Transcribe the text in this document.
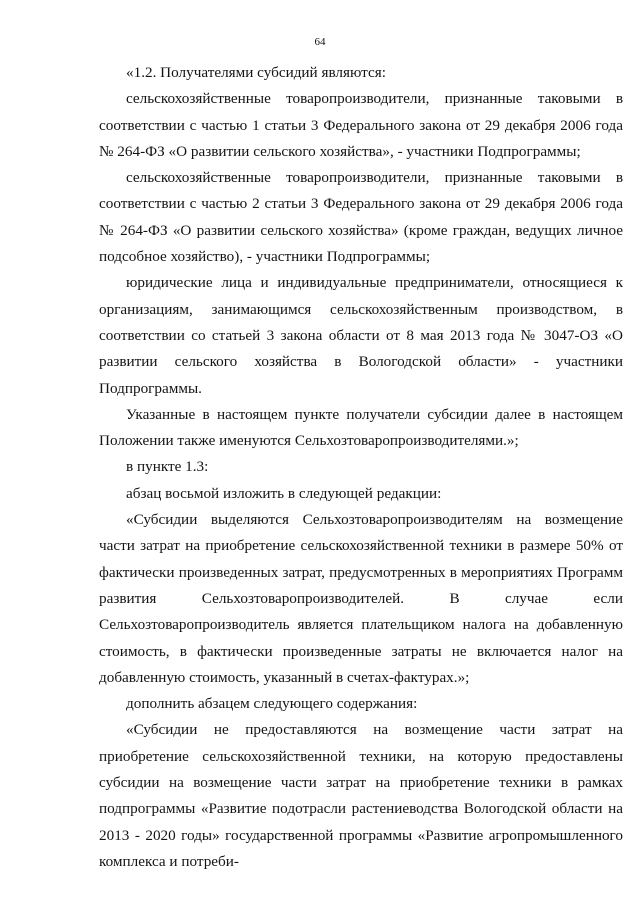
64

«1.2. Получателями субсидий являются:

сельскохозяйственные товаропроизводители, признанные таковыми в соответствии с частью 1 статьи 3 Федерального закона от 29 декабря 2006 года № 264-ФЗ «О развитии сельского хозяйства», - участники Подпрограммы;

сельскохозяйственные товаропроизводители, признанные таковыми в соответствии с частью 2 статьи 3 Федерального закона от 29 декабря 2006 года № 264-ФЗ «О развитии сельского хозяйства» (кроме граждан, ведущих личное подсобное хозяйство), - участники Подпрограммы;

юридические лица и индивидуальные предприниматели, относящиеся к организациям, занимающимся сельскохозяйственным производством, в соответствии со статьей 3 закона области от 8 мая 2013 года № 3047-ОЗ «О развитии сельского хозяйства в Вологодской области» - участники Подпрограммы.

Указанные в настоящем пункте получатели субсидии далее в настоящем Положении также именуются Сельхозтоваропроизводителями.»;

в пункте 1.3:

абзац восьмой изложить в следующей редакции:

«Субсидии выделяются Сельхозтоваропроизводителям на возмещение части затрат на приобретение сельскохозяйственной техники в размере 50% от фактически произведенных затрат, предусмотренных в мероприятиях Программ развития Сельхозтоваропроизводителей. В случае если Сельхозтоваропроизводитель является плательщиком налога на добавленную стоимость, в фактически произведенные затраты не включается налог на добавленную стоимость, указанный в счетах-фактурах.»;

дополнить абзацем следующего содержания:

«Субсидии не предоставляются на возмещение части затрат на приобретение сельскохозяйственной техники, на которую предоставлены субсидии на возмещение части затрат на приобретение техники в рамках подпрограммы «Развитие подотрасли растениеводства Вологодской области на 2013 - 2020 годы» государственной программы «Развитие агропромышленного комплекса и потреби-
